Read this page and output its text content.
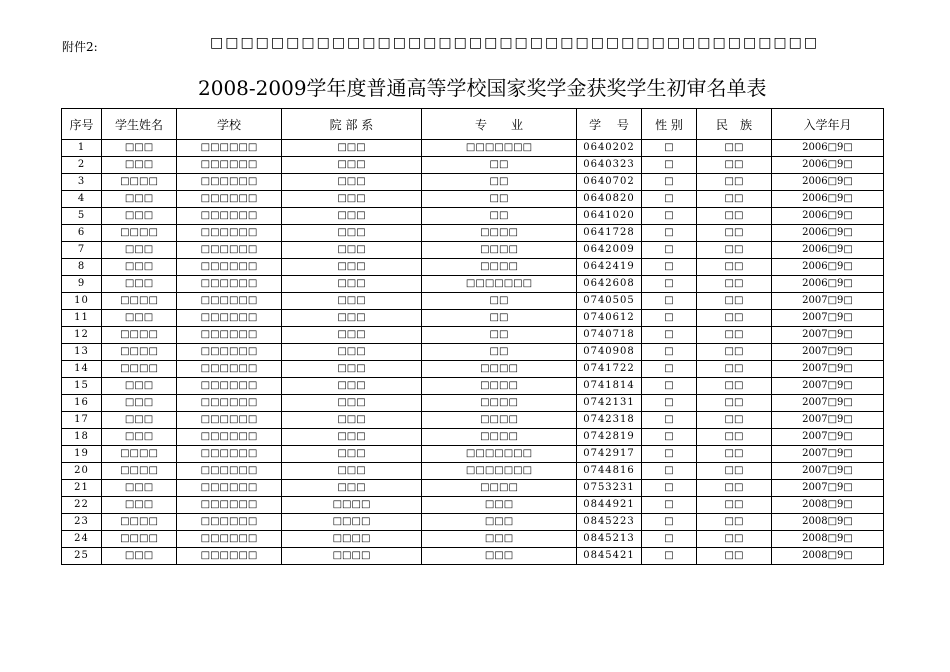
附件2:	□□□□□□□□□□□□□□□□□□□□□□□□□□□□□□□□□□□□□□□□
2008-2009学年度普通高等学校国家奖学金获奖学生初审名单表
序号	学生姓名	学校	院 部 系	专　　业	学　 号	性 别	民　族	入学年月
1	□□□	□□□□□□	□□□	□□□□□□□	0640202	□	□□	2006□9□
2	□□□	□□□□□□	□□□	□□	0640323	□	□□	2006□9□
3	□□□□	□□□□□□	□□□	□□	0640702	□	□□	2006□9□
4	□□□	□□□□□□	□□□	□□	0640820	□	□□	2006□9□
5	□□□	□□□□□□	□□□	□□	0641020	□	□□	2006□9□
6	□□□□	□□□□□□	□□□	□□□□	0641728	□	□□	2006□9□
7	□□□	□□□□□□	□□□	□□□□	0642009	□	□□	2006□9□
8	□□□	□□□□□□	□□□	□□□□	0642419	□	□□	2006□9□
9	□□□	□□□□□□	□□□	□□□□□□□	0642608	□	□□	2006□9□
10	□□□□	□□□□□□	□□□	□□	0740505	□	□□	2007□9□
11	□□□	□□□□□□	□□□	□□	0740612	□	□□	2007□9□
12	□□□□	□□□□□□	□□□	□□	0740718	□	□□	2007□9□
13	□□□□	□□□□□□	□□□	□□	0740908	□	□□	2007□9□
14	□□□□	□□□□□□	□□□	□□□□	0741722	□	□□	2007□9□
15	□□□	□□□□□□	□□□	□□□□	0741814	□	□□	2007□9□
16	□□□	□□□□□□	□□□	□□□□	0742131	□	□□	2007□9□
17	□□□	□□□□□□	□□□	□□□□	0742318	□	□□	2007□9□
18	□□□	□□□□□□	□□□	□□□□	0742819	□	□□	2007□9□
19	□□□□	□□□□□□	□□□	□□□□□□□	0742917	□	□□	2007□9□
20	□□□□	□□□□□□	□□□	□□□□□□□	0744816	□	□□	2007□9□
21	□□□	□□□□□□	□□□	□□□□	0753231	□	□□	2007□9□
22	□□□	□□□□□□	□□□□	□□□	0844921	□	□□	2008□9□
23	□□□□	□□□□□□	□□□□	□□□	0845223	□	□□	2008□9□
24	□□□□	□□□□□□	□□□□	□□□	0845213	□	□□	2008□9□
25	□□□	□□□□□□	□□□□	□□□	0845421	□	□□	2008□9□
